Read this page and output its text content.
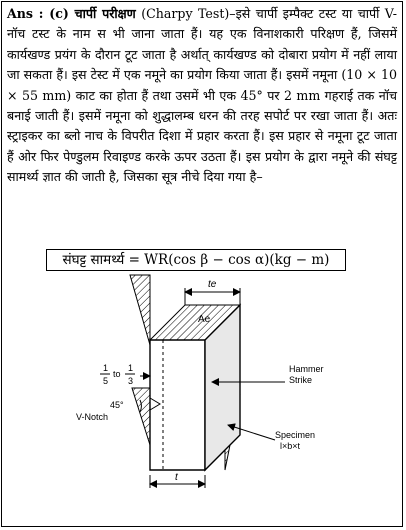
Ans : (c) चार्पी परीक्षण (Charpy Test)–इसे चार्पी इम्पैक्ट टस्ट या चार्पी V-नॉच टस्ट के नाम स भी जाना जाता हैं। यह एक विनाशकारी परिक्षण हैं, जिसमें कार्यखण्ड प्रयंग के दौरान टूट जाता है अर्थात् कार्यखण्ड को दोबारा प्रयोग में नहीं लाया जा सकता हैं। इस टेस्ट में एक नमूने का प्रयोग किया जाता हैं। इसमें नमूना (10 × 10 × 55 mm) काट का होता हैं तथा उसमें भी एक 45° पर 2 mm गहराई तक नॉच बनाई जाती हैं। इसमें नमूना को शुद्धालम्ब धरन की तरह सपोर्ट पर रखा जाता हैं। अतः स्ट्राइकर का ब्लो नाच के विपरीत दिशा में प्रहार करता हैं। इस प्रहार से नमूना टूट जाता हैं ओर फिर पेण्डुलम रिवाइण्ड करके ऊपर उठता हैं। इस प्रयोग के द्वारा नमूने की संघट्ट सामर्थ्य ज्ञात की जाती है, जिसका सूत्र नीचे दिया गया है–
संघट्ट सामर्थ्य = WR(cos β − cos α)(kg − m)
te
Ae
1
5
to
1
3
V-Notch
45°
Hammer
Strike
Specimen
l×b×t
t
